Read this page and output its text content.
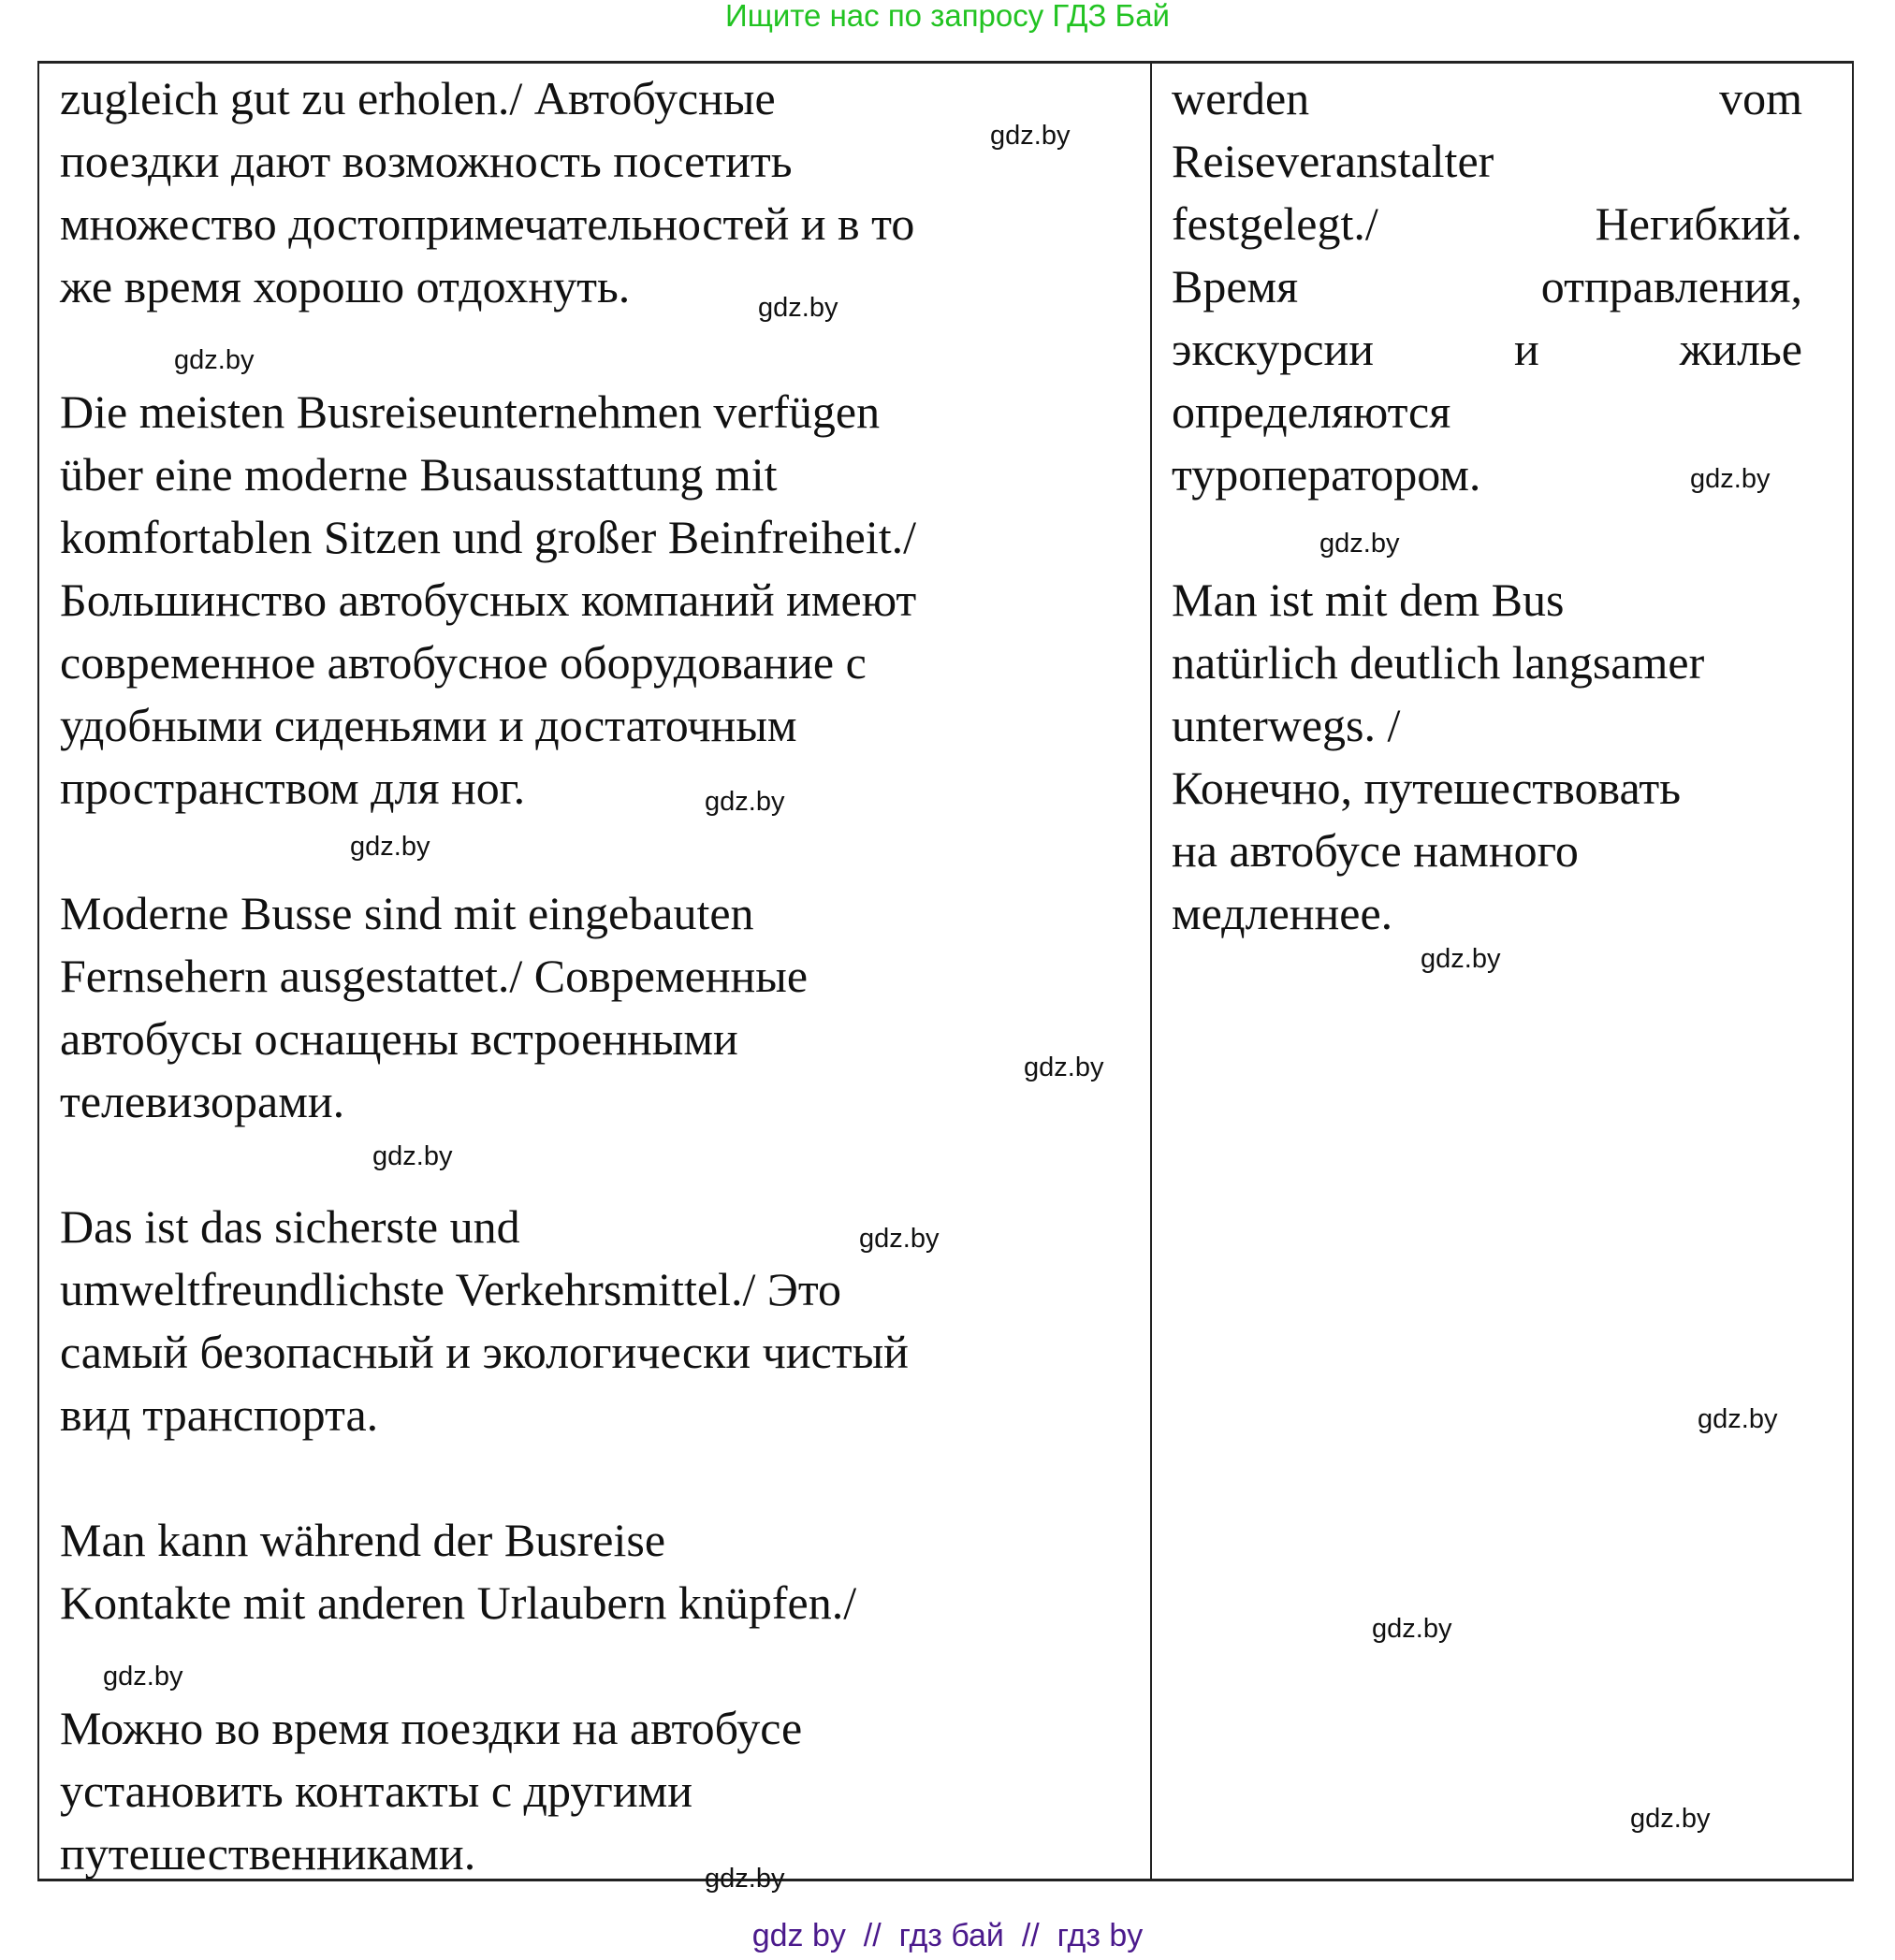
Ищите нас по запросу ГДЗ Бай
zugleich gut zu erholen./ Автобусные
поездки дают возможность посетить
множество достопримечательностей и в то
же время хорошо отдохнуть.
Die meisten Busreiseunternehmen verfügen
über eine moderne Busausstattung mit
komfortablen Sitzen und großer Beinfreiheit./
Большинство автобусных компаний имеют
современное автобусное оборудование с
удобными сиденьями и достаточным
пространством для ног.
Moderne Busse sind mit eingebauten
Fernsehern ausgestattet./ Современные
автобусы оснащены встроенными
телевизорами.
Das ist das sicherste und
umweltfreundlichste Verkehrsmittel./ Это
самый безопасный и экологически чистый
вид транспорта.
Man kann während der Busreise
Kontakte mit anderen Urlaubern knüpfen./
Можно во время поездки на автобусе
установить контакты с другими
путешественниками.
werden vom
Reiseveranstalter
festgelegt./ Негибкий.
Время отправления,
экскурсии и жилье
определяются
туроператором.
Man ist mit dem Bus
natürlich deutlich langsamer
unterwegs. /
Конечно, путешествовать
на автобусе намного
медленнее.
gdz.by
gdz.by
gdz.by
gdz.by
gdz.by
gdz.by
gdz.by
gdz.by
gdz.by
gdz.by
gdz.by
gdz.by
gdz.by
gdz.by
gdz.by
gdz.by
gdz by  //  гдз бай  //  гдз by
